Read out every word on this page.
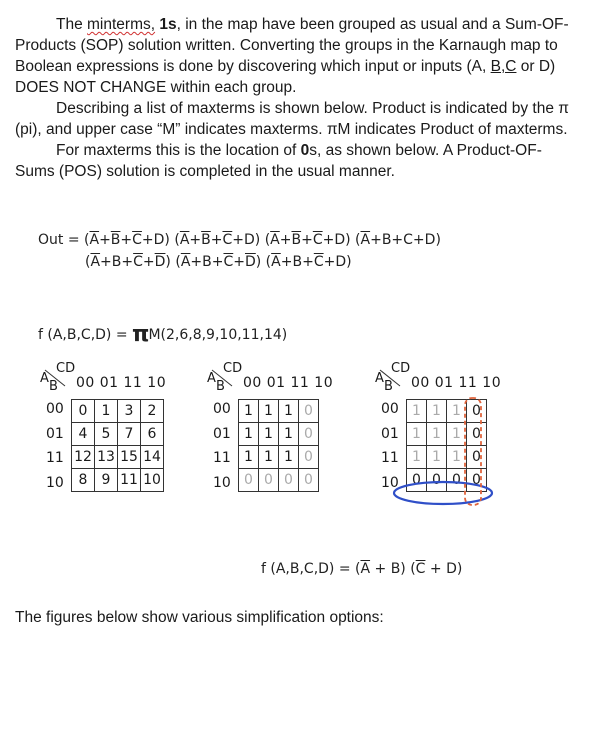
The minterms, 1s, in the map have been grouped as usual and a Sum-OF-Products (SOP) solution written. Converting the groups in the Karnaugh map to Boolean expressions is done by discovering which input or inputs (A, B,C or D) DOES NOT CHANGE within each group.

Describing a list of maxterms is shown below. Product is indicated by the π (pi), and upper case “M” indicates maxterms. πM indicates Product of maxterms.

For maxterms this is the location of 0s, as shown below. A Product-OF-Sums (POS) solution is completed in the usual manner.

Out = $(\overline{A}+\overline{B}+\overline{C}+D)$ $(\overline{A}+\overline{B}+\overline{C}+D)$ $(\overline{A}+\overline{B}+\overline{C}+D)$ $(\overline{A}+B+C+D)$
$(\overline{A}+B+\overline{C}+\overline{D})$ $(\overline{A}+B+\overline{C}+\overline{D})$ $(\overline{A}+B+\overline{C}+D)$
f (A,B,C,D) = πM(2,6,8,9,10,11,14)
CD
A
B 00 01 11 10
00
01
11
10
0	1	3	2
4	5	7	6
12	13	15	14
8	9	11	10
CD
A
B 00 01 11 10
00
01
11
10
1	1	1	0
1	1	1	0
1	1	1	0
0	0	0	0
CD
A
B 00 01 11 10
00
01
11
10
1	1	1	0
1	1	1	0
1	1	1	0
0	0	0	0
f $(A,B,C,D) = (\overline{A} + B) (\overline{C} + D)$
The figures below show various simplification options:
